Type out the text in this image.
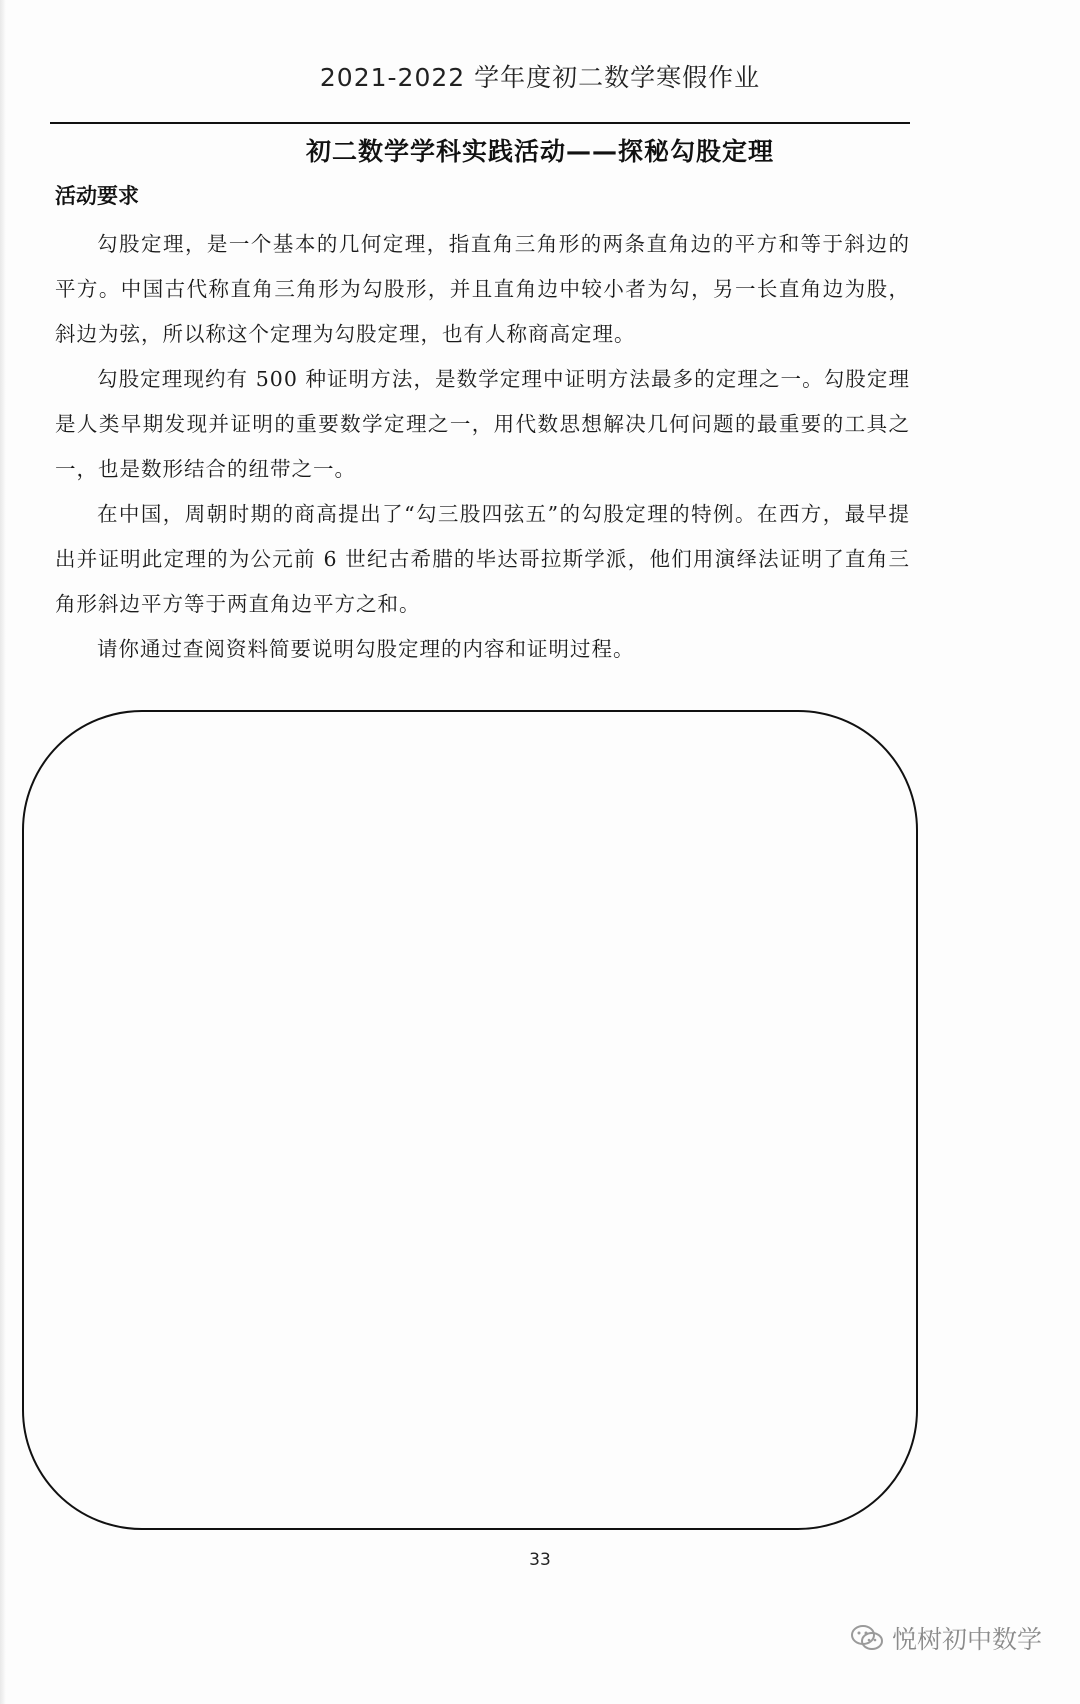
2021-2022 学年度初二数学寒假作业
初二数学学科实践活动——探秘勾股定理
活动要求

勾股定理，是一个基本的几何定理，指直角三角形的两条直角边的平方和等于斜边的平方。中国古代称直角三角形为勾股形，并且直角边中较小者为勾，另一长直角边为股，斜边为弦，所以称这个定理为勾股定理，也有人称商高定理。

勾股定理现约有 500 种证明方法，是数学定理中证明方法最多的定理之一。勾股定理是人类早期发现并证明的重要数学定理之一，用代数思想解决几何问题的最重要的工具之一，也是数形结合的纽带之一。

在中国，周朝时期的商高提出了“勾三股四弦五”的勾股定理的特例。在西方，最早提出并证明此定理的为公元前 6 世纪古希腊的毕达哥拉斯学派，他们用演绎法证明了直角三角形斜边平方等于两直角边平方之和。

请你通过查阅资料简要说明勾股定理的内容和证明过程。

33
悦树初中数学
